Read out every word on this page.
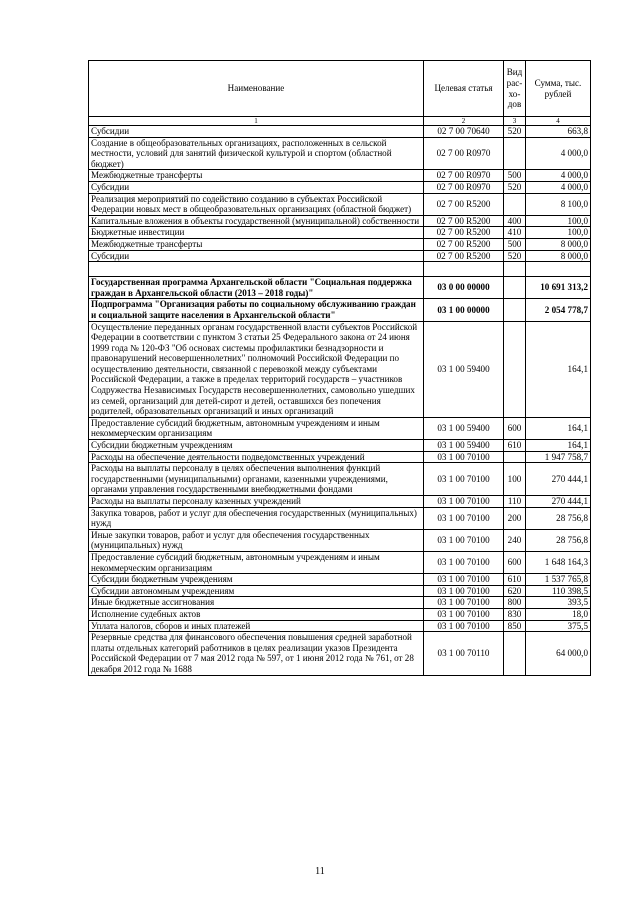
Наименование	Целевая статья	Вид рас-хо-дов	Сумма, тыс. рублей
1	2	3	4
Субсидии	02 7 00 70640	520	663,8
Создание в общеобразовательных организациях, расположенных в сельской местности, условий для занятий физической культурой и спортом (областной бюджет)	02 7 00 R0970		4 000,0
Межбюджетные трансферты	02 7 00 R0970	500	4 000,0
Субсидии	02 7 00 R0970	520	4 000,0
Реализация мероприятий по содействию созданию в субъектах Российской Федерации новых мест в общеобразовательных организациях (областной бюджет)	02 7 00 R5200		8 100,0
Капитальные вложения в объекты государственной (муниципальной) собственности	02 7 00 R5200	400	100,0
Бюджетные инвестиции	02 7 00 R5200	410	100,0
Межбюджетные трансферты	02 7 00 R5200	500	8 000,0
Субсидии	02 7 00 R5200	520	8 000,0

Государственная программа Архангельской области "Социальная поддержка граждан в Архангельской области (2013 – 2018 годы)"	03 0 00 00000		10 691 313,2
Подпрограмма "Организация работы по социальному обслуживанию граждан и социальной защите населения в Архангельской области"	03 1 00 00000		2 054 778,7
Осуществление переданных органам государственной власти субъектов Российской Федерации в соответствии с пунктом 3 статьи 25 Федерального закона от 24 июня 1999 года № 120-ФЗ "Об основах системы профилактики безнадзорности и правонарушений несовершеннолетних" полномочий Российской Федерации по осуществлению деятельности, связанной с перевозкой между субъектами Российской Федерации, а также в пределах территорий государств – участников Содружества Независимых Государств несовершеннолетних, самовольно ушедших из семей, организаций для детей-сирот и детей, оставшихся без попечения родителей, образовательных организаций и иных организаций	03 1 00 59400		164,1
Предоставление субсидий бюджетным, автономным учреждениям и иным некоммерческим организациям	03 1 00 59400	600	164,1
Субсидии бюджетным учреждениям	03 1 00 59400	610	164,1
Расходы на обеспечение деятельности подведомственных учреждений	03 1 00 70100		1 947 758,7
Расходы на выплаты персоналу в целях обеспечения выполнения функций государственными (муниципальными) органами, казенными учреждениями, органами управления государственными внебюджетными фондами	03 1 00 70100	100	270 444,1
Расходы на выплаты персоналу казенных учреждений	03 1 00 70100	110	270 444,1
Закупка товаров, работ и услуг для обеспечения государственных (муниципальных) нужд	03 1 00 70100	200	28 756,8
Иные закупки товаров, работ и услуг для обеспечения государственных (муниципальных) нужд	03 1 00 70100	240	28 756,8
Предоставление субсидий бюджетным, автономным учреждениям и иным некоммерческим организациям	03 1 00 70100	600	1 648 164,3
Субсидии бюджетным учреждениям	03 1 00 70100	610	1 537 765,8
Субсидии автономным учреждениям	03 1 00 70100	620	110 398,5
Иные бюджетные ассигнования	03 1 00 70100	800	393,5
Исполнение судебных актов	03 1 00 70100	830	18,0
Уплата налогов, сборов и иных платежей	03 1 00 70100	850	375,5
Резервные средства для финансового обеспечения повышения средней заработной платы отдельных категорий работников в целях реализации указов Президента Российской Федерации от 7 мая 2012 года № 597, от 1 июня 2012 года № 761, от 28 декабря 2012 года № 1688	03 1 00 70110		64 000,0
11
